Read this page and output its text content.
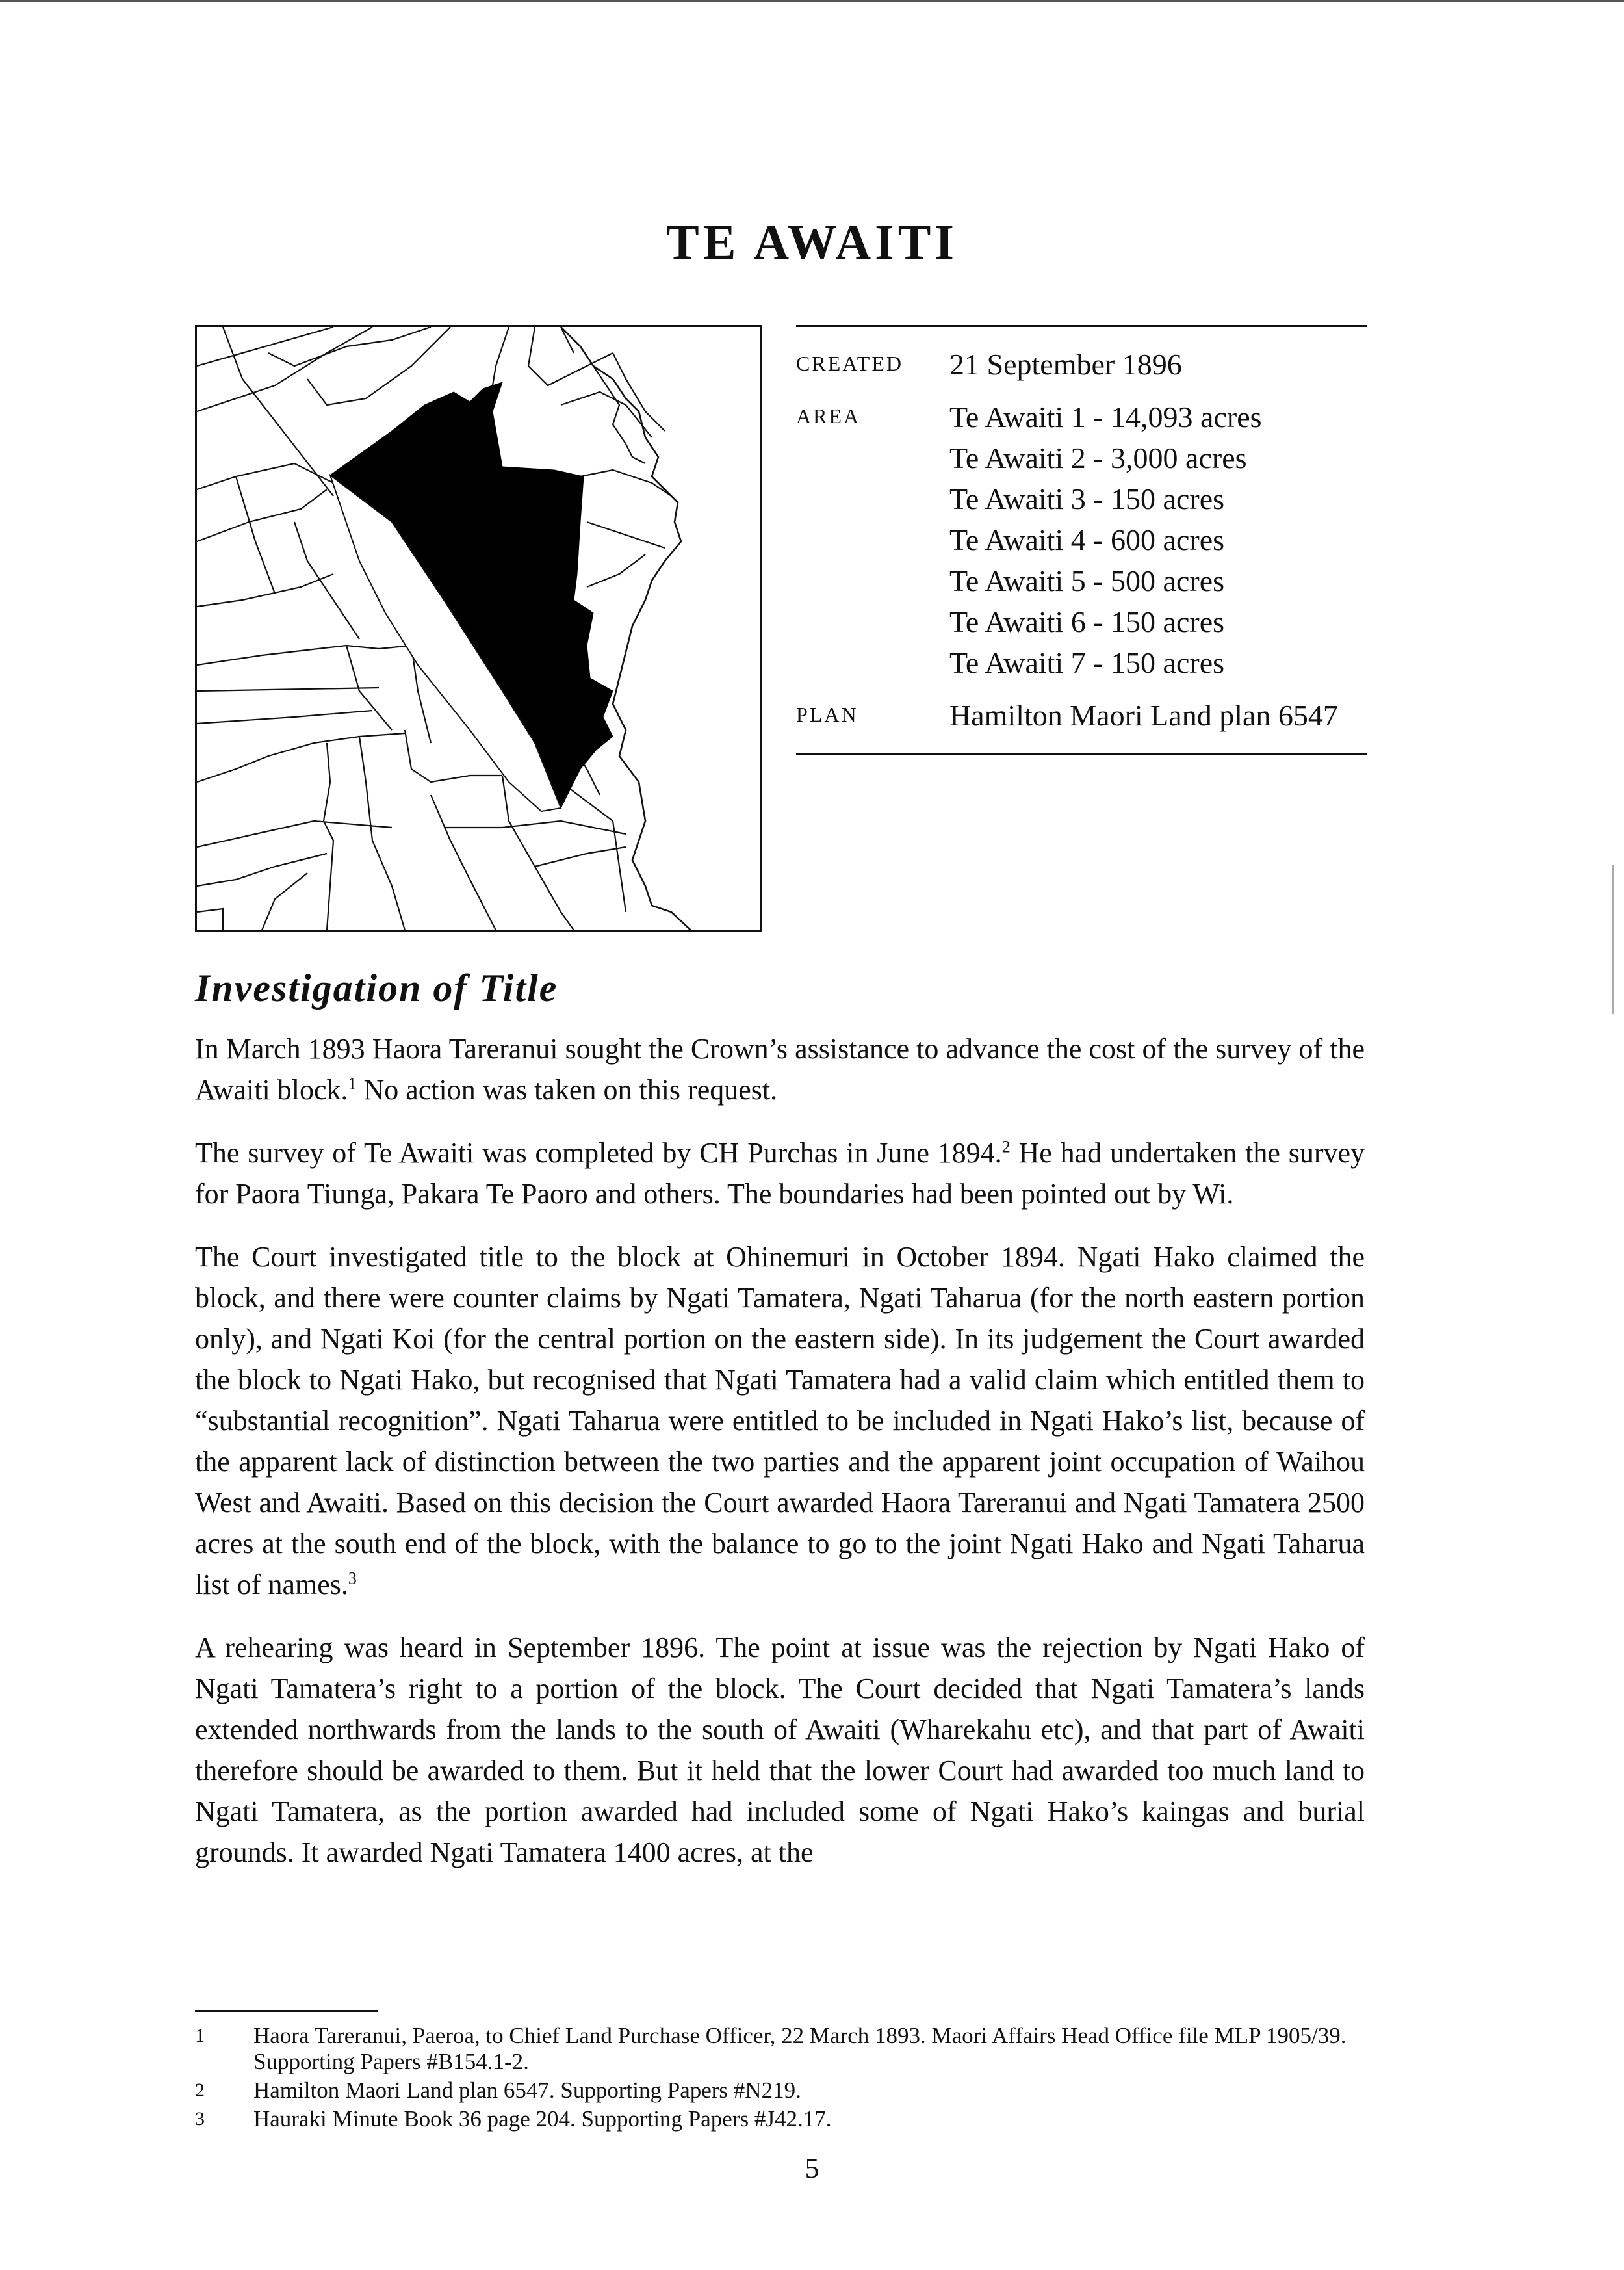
TE AWAITI
CREATED	21 September 1896
AREA	Te Awaiti 1 - 14,093 acres
Te Awaiti 2 - 3,000 acres
Te Awaiti 3 - 150 acres
Te Awaiti 4 - 600 acres
Te Awaiti 5 - 500 acres
Te Awaiti 6 - 150 acres
Te Awaiti 7 - 150 acres
PLAN	Hamilton Maori Land plan 6547
Investigation of Title

In March 1893 Haora Tareranui sought the Crown’s assistance to advance the cost of the survey of the Awaiti block.$^1$ No action was taken on this request.

The survey of Te Awaiti was completed by CH Purchas in June 1894.$^2$ He had undertaken the survey for Paora Tiunga, Pakara Te Paoro and others. The boundaries had been pointed out by Wi.

The Court investigated title to the block at Ohinemuri in October 1894. Ngati Hako claimed the block, and there were counter claims by Ngati Tamatera, Ngati Taharua (for the north eastern portion only), and Ngati Koi (for the central portion on the eastern side). In its judgement the Court awarded the block to Ngati Hako, but recognised that Ngati Tamatera had a valid claim which entitled them to “substantial recognition”. Ngati Taharua were entitled to be included in Ngati Hako’s list, because of the apparent lack of distinction between the two parties and the apparent joint occupation of Waihou West and Awaiti. Based on this decision the Court awarded Haora Tareranui and Ngati Tamatera 2500 acres at the south end of the block, with the balance to go to the joint Ngati Hako and Ngati Taharua list of names.$^3$

A rehearing was heard in September 1896. The point at issue was the rejection by Ngati Hako of Ngati Tamatera’s right to a portion of the block. The Court decided that Ngati Tamatera’s lands extended northwards from the lands to the south of Awaiti (Wharekahu etc), and that part of Awaiti therefore should be awarded to them. But it held that the lower Court had awarded too much land to Ngati Tamatera, as the portion awarded had included some of Ngati Hako’s kaingas and burial grounds. It awarded Ngati Tamatera 1400 acres, at the

1	Haora Tareranui, Paeroa, to Chief Land Purchase Officer, 22 March 1893. Maori Affairs Head Office file MLP 1905/39. Supporting Papers #B154.1-2.
2	Hamilton Maori Land plan 6547. Supporting Papers #N219.
3	Hauraki Minute Book 36 page 204. Supporting Papers #J42.17.
5
